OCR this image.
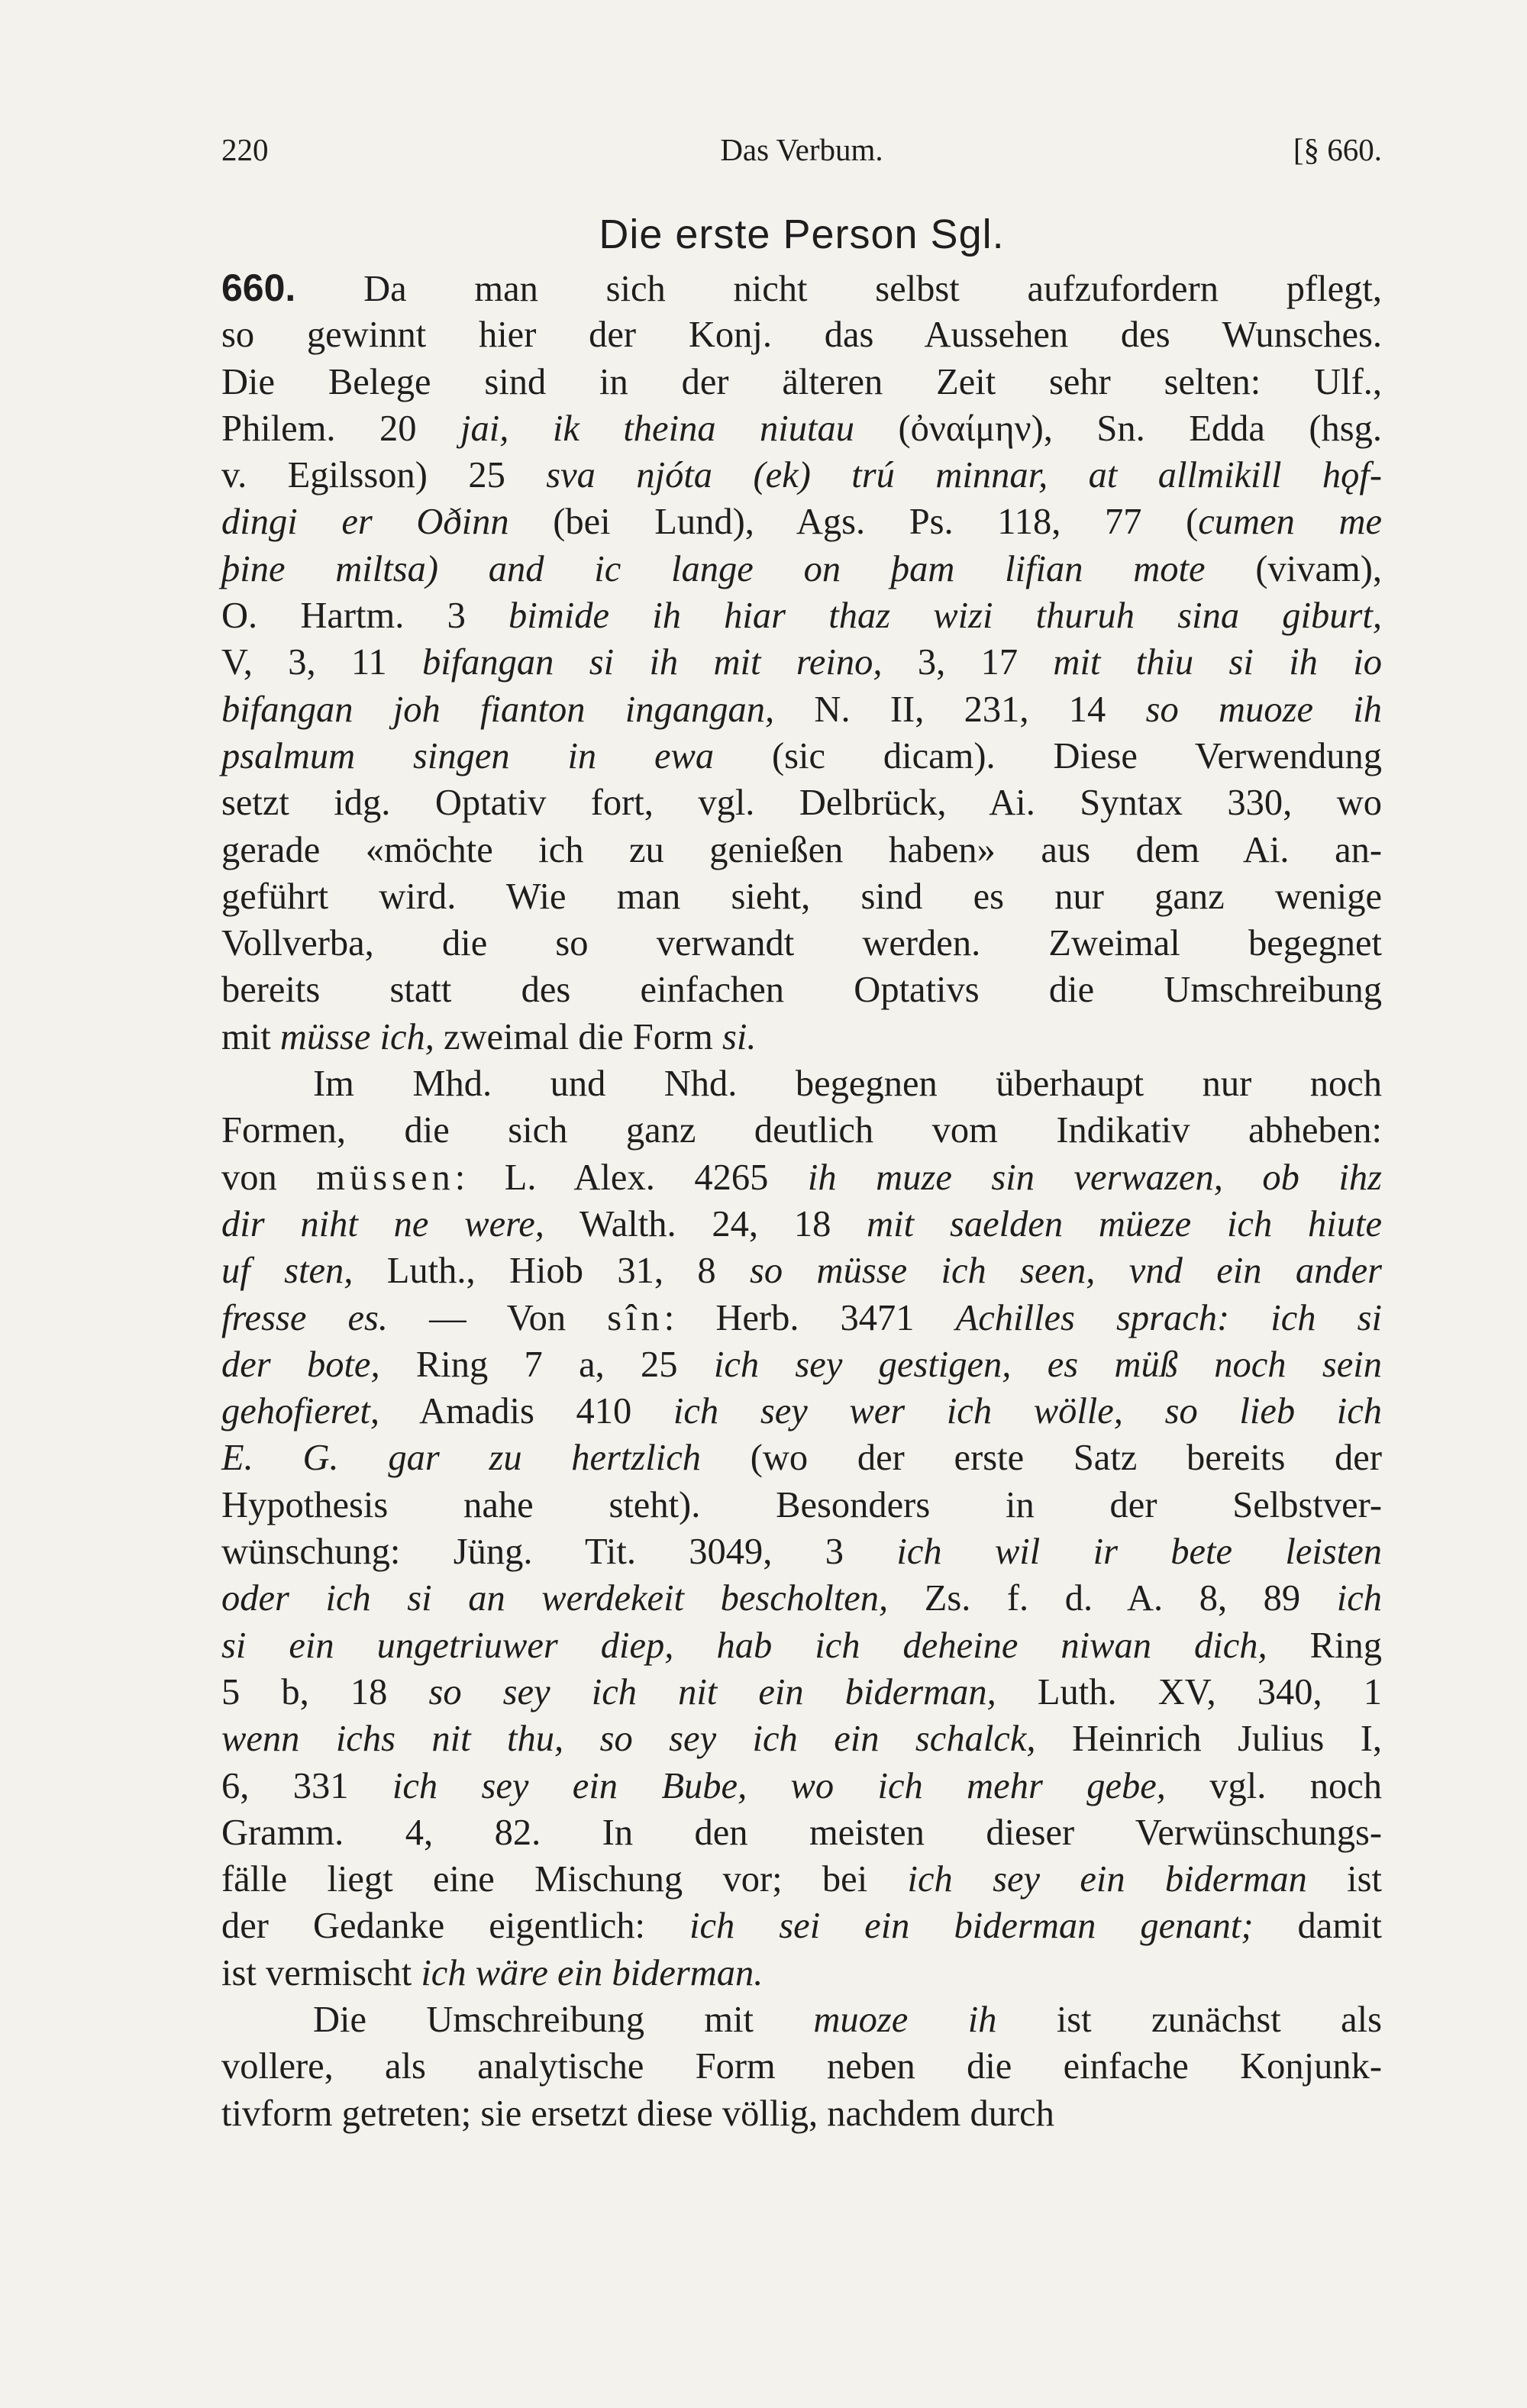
220	Das Verbum.	[§ 660.
Die erste Person Sgl.
660. Da man sich nicht selbst aufzufordern pflegt,
so gewinnt hier der Konj. das Aussehen des Wunsches.
Die Belege sind in der älteren Zeit sehr selten: Ulf.,
Philem. 20 jai, ik theina niutau (ὀναίμην), Sn. Edda (hsg.
v. Egilsson) 25 sva njóta (ek) trú minnar, at allmikill hǫf-
dingi er Oðinn (bei Lund), Ags. Ps. 118, 77 (cumen me
þine miltsa) and ic lange on þam lifian mote (vivam),
O. Hartm. 3 bimide ih hiar thaz wizi thuruh sina giburt,
V, 3, 11 bifangan si ih mit reino, 3, 17 mit thiu si ih io
bifangan joh fianton ingangan, N. II, 231, 14 so muoze ih
psalmum singen in ewa (sic dicam). Diese Verwendung
setzt idg. Optativ fort, vgl. Delbrück, Ai. Syntax 330, wo
gerade «möchte ich zu genießen haben» aus dem Ai. an-
geführt wird. Wie man sieht, sind es nur ganz wenige
Vollverba, die so verwandt werden. Zweimal begegnet
bereits statt des einfachen Optativs die Umschreibung
mit müsse ich, zweimal die Form si.
Im Mhd. und Nhd. begegnen überhaupt nur noch
Formen, die sich ganz deutlich vom Indikativ abheben:
von müssen: L. Alex. 4265 ih muze sin verwazen, ob ihz
dir niht ne were, Walth. 24, 18 mit saelden müeze ich hiute
uf sten, Luth., Hiob 31, 8 so müsse ich seen, vnd ein ander
fresse es. — Von sîn: Herb. 3471 Achilles sprach: ich si
der bote, Ring 7 a, 25 ich sey gestigen, es müß noch sein
gehofieret, Amadis 410 ich sey wer ich wölle, so lieb ich
E. G. gar zu hertzlich (wo der erste Satz bereits der
Hypothesis nahe steht). Besonders in der Selbstver-
wünschung: Jüng. Tit. 3049, 3 ich wil ir bete leisten
oder ich si an werdekeit bescholten, Zs. f. d. A. 8, 89 ich
si ein ungetriuwer diep, hab ich deheine niwan dich, Ring
5 b, 18 so sey ich nit ein biderman, Luth. XV, 340, 1
wenn ichs nit thu, so sey ich ein schalck, Heinrich Julius I,
6, 331 ich sey ein Bube, wo ich mehr gebe, vgl. noch
Gramm. 4, 82. In den meisten dieser Verwünschungs-
fälle liegt eine Mischung vor; bei ich sey ein biderman ist
der Gedanke eigentlich: ich sei ein biderman genant; damit
ist vermischt ich wäre ein biderman.
Die Umschreibung mit muoze ih ist zunächst als
vollere, als analytische Form neben die einfache Konjunk-
tivform getreten; sie ersetzt diese völlig, nachdem durch
